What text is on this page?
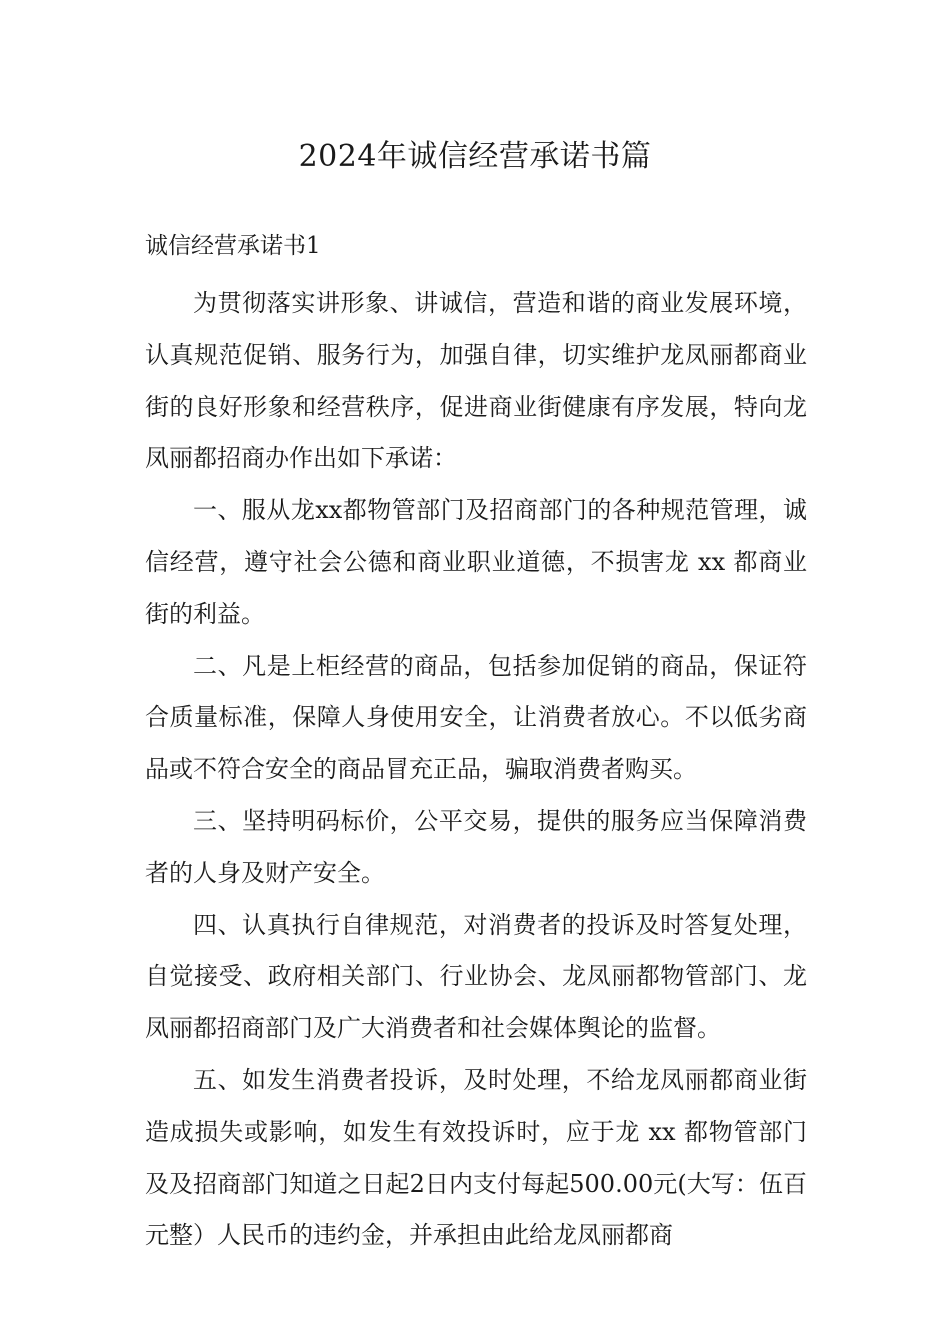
2024年诚信经营承诺书篇
诚信经营承诺书1

为贯彻落实讲形象、讲诚信，营造和谐的商业发展环境，认真规范促销、服务行为，加强自律，切实维护龙凤丽都商业街的良好形象和经营秩序，促进商业街健康有序发展，特向龙凤丽都招商办作出如下承诺：

一、服从龙xx都物管部门及招商部门的各种规范管理，诚信经营，遵守社会公德和商业职业道德，不损害龙 xx 都商业街的利益。

二、凡是上柜经营的商品，包括参加促销的商品，保证符合质量标准，保障人身使用安全，让消费者放心。不以低劣商品或不符合安全的商品冒充正品，骗取消费者购买。

三、坚持明码标价，公平交易，提供的服务应当保障消费者的人身及财产安全。

四、认真执行自律规范，对消费者的投诉及时答复处理，自觉接受、政府相关部门、行业协会、龙凤丽都物管部门、龙凤丽都招商部门及广大消费者和社会媒体舆论的监督。

五、如发生消费者投诉，及时处理，不给龙凤丽都商业街造成损失或影响，如发生有效投诉时，应于龙 xx 都物管部门及及招商部门知道之日起2日内支付每起500.00元(大写：伍百元整）人民币的违约金，并承担由此给龙凤丽都商
